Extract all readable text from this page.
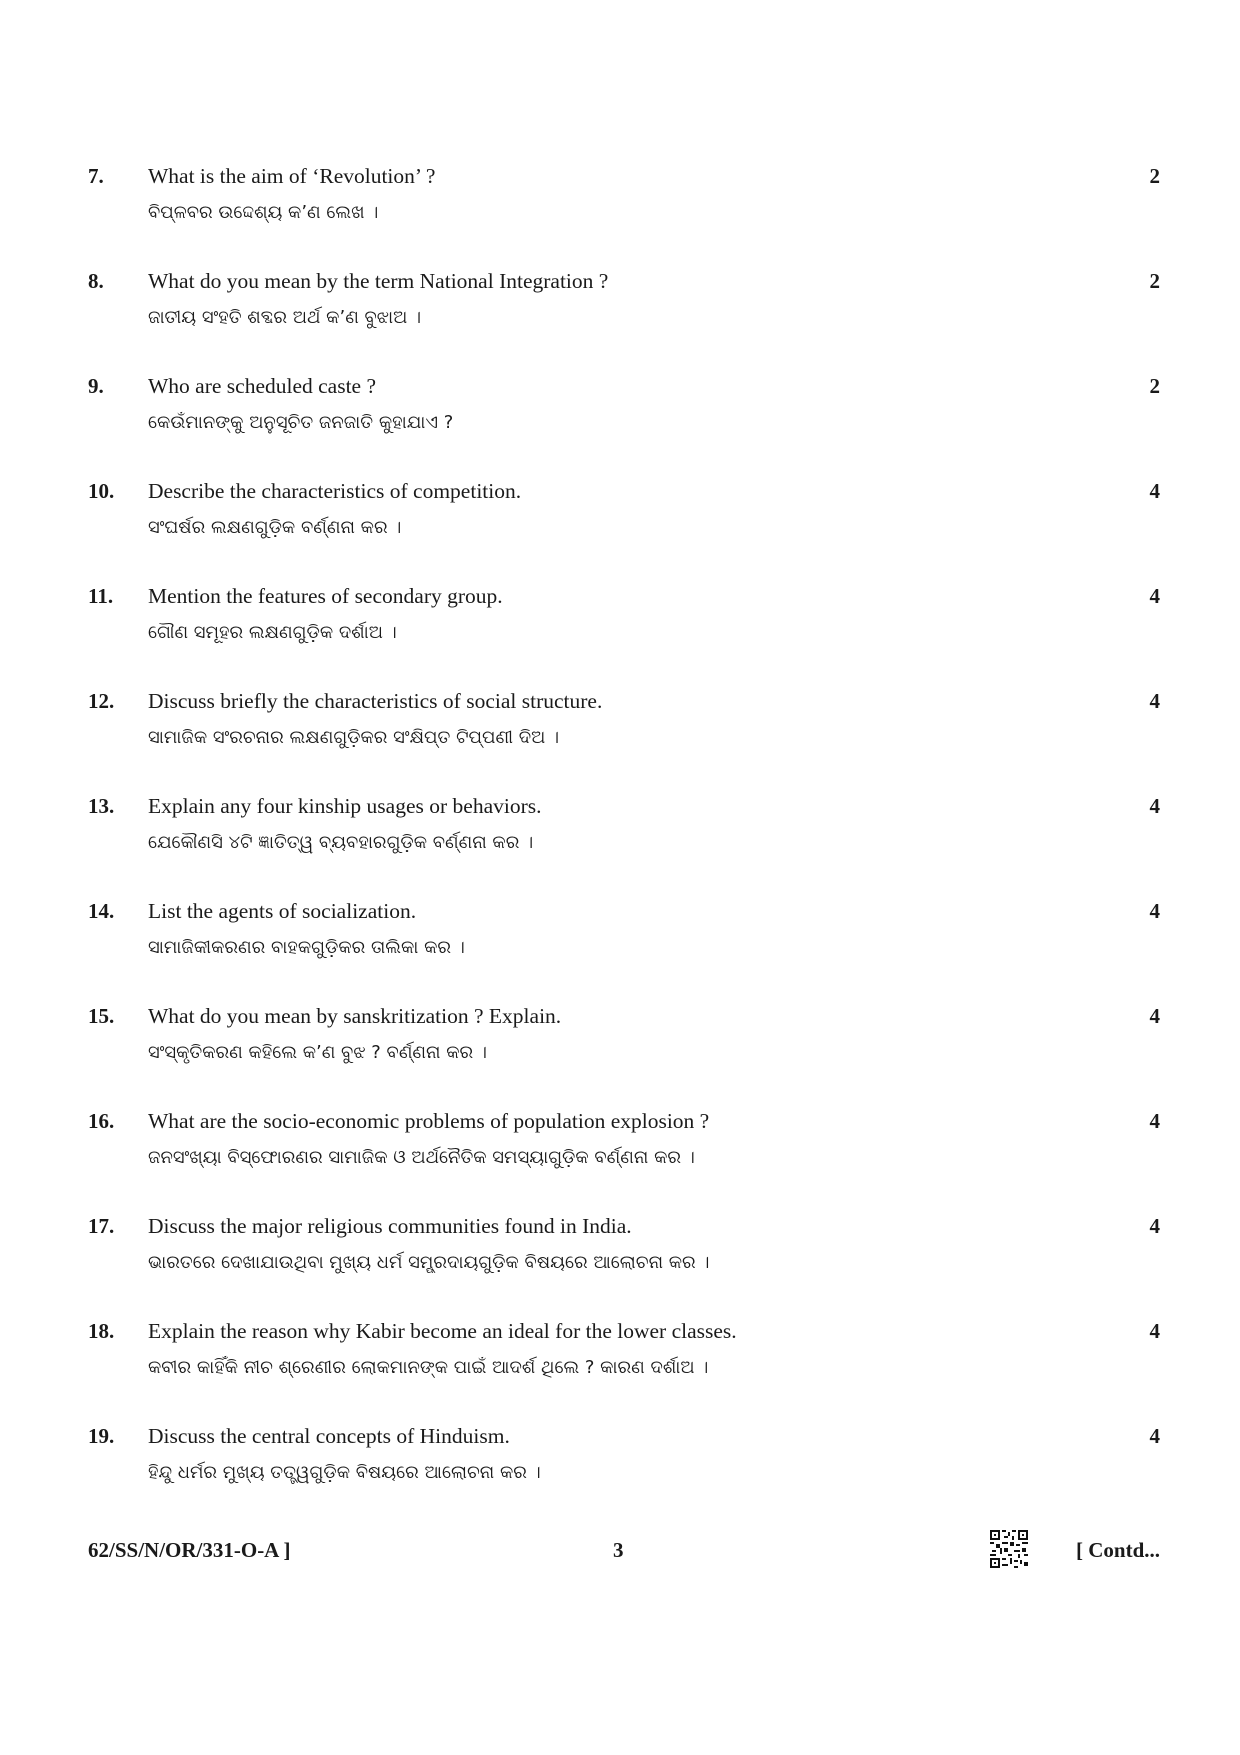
7. What is the aim of ‘Revolution’ ?
ବିପ୍ଳବର ଉଦ୍ଦେଶ୍ୟ କ’ଣ ଲେଖ ।
2
8. What do you mean by the term National Integration ?
ଜାତୀୟ ସଂହତି ଶବ୍ଦର ଅର୍ଥ କ’ଣ ବୁଝାଅ ।
2
9. Who are scheduled caste ?
କେଉଁମାନଙ୍କୁ ଅନୁସୂଚିତ ଜନଜାତି କୁହାଯାଏ ?
2
10. Describe the characteristics of competition.
ସଂଘର୍ଷର ଲକ୍ଷଣଗୁଡ଼ିକ ବର୍ଣ୍ଣନା କର ।
4
11. Mention the features of secondary group.
ଗୌଣ ସମୂହର ଲକ୍ଷଣଗୁଡ଼ିକ ଦର୍ଶାଅ ।
4
12. Discuss briefly the characteristics of social structure.
ସାମାଜିକ ସଂରଚନାର ଲକ୍ଷଣଗୁଡ଼ିକର ସଂକ୍ଷିପ୍ତ ଟିପ୍ପଣୀ ଦିଅ ।
4
13. Explain any four kinship usages or behaviors.
ଯେକୌଣସି ୪ଟି ଜ୍ଞାତିତ୍ୱ ବ୍ୟବହାରଗୁଡ଼ିକ ବର୍ଣ୍ଣନା କର ।
4
14. List the agents of socialization.
ସାମାଜିକୀକରଣର ବାହକଗୁଡ଼ିକର ତାଲିକା କର ।
4
15. What do you mean by sanskritization ? Explain.
ସଂସ୍କୃତିକରଣ କହିଲେ କ’ଣ ବୁଝ ? ବର୍ଣ୍ଣନା କର ।
4
16. What are the socio-economic problems of population explosion ?
ଜନସଂଖ୍ୟା ବିସ୍ଫୋରଣର ସାମାଜିକ ଓ ଅର୍ଥନୈତିକ ସମସ୍ୟାଗୁଡ଼ିକ ବର୍ଣ୍ଣନା କର ।
4
17. Discuss the major religious communities found in India.
ଭାରତରେ ଦେଖାଯାଉଥିବା ମୁଖ୍ୟ ଧର୍ମ ସମ୍ପ୍ରଦାୟଗୁଡ଼ିକ ବିଷୟରେ ଆଲୋଚନା କର ।
4
18. Explain the reason why Kabir become an ideal for the lower classes.
କବୀର କାହିଁକି ନୀଚ ଶ୍ରେଣୀର ଲୋକମାନଙ୍କ ପାଇଁ ଆଦର୍ଶ ଥିଲେ ? କାରଣ ଦର୍ଶାଅ ।
4
19. Discuss the central concepts of Hinduism.
ହିନ୍ଦୁ ଧର୍ମର ମୁଖ୍ୟ ତତ୍ତ୍ୱଗୁଡ଼ିକ ବିଷୟରେ ଆଲୋଚନା କର ।
4
62/SS/N/OR/331-O-A ]	3	[ Contd...
